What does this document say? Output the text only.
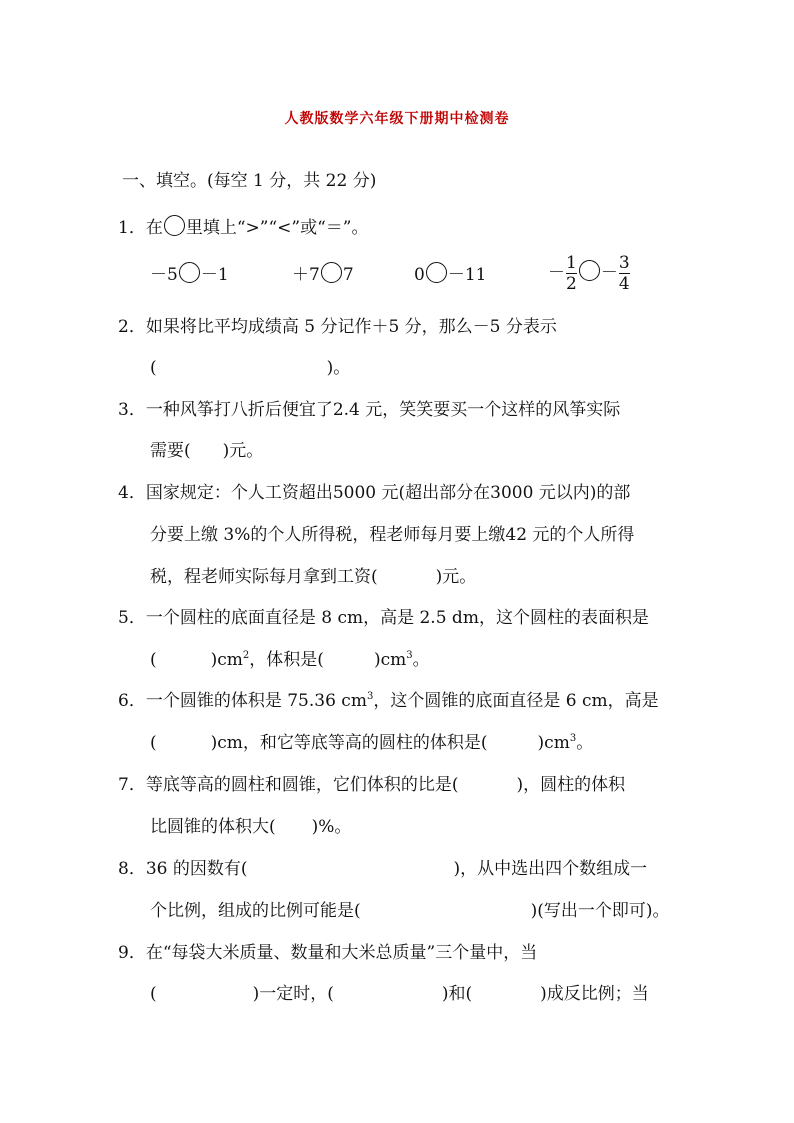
人教版数学六年级下册期中检测卷
一、填空。(每空 1 分，共 22 分)
1．在 里填上“>”“<”或“＝”。
－5 －1	＋7 7	0 －11	－ $\frac{1}{2} - \frac{3}{4}$
2．如果将比平均成绩高 5 分记作＋5 分，那么－5 分表示
(	)。
3．一种风筝打八折后便宜了2.4 元，笑笑要买一个这样的风筝实际
需要( )元。
4．国家规定：个人工资超出5000 元(超出部分在3000 元以内)的部
分要上缴 3%的个人所得税，程老师每月要上缴42 元的个人所得
税，程老师实际每月拿到工资(	)元。
5．一个圆柱的底面直径是 8 cm，高是 2.5 dm，这个圆柱的表面积是
(	)$cm^2$，体积是(	)$cm^3$。
6．一个圆锥的体积是 75.36 $cm^3$，这个圆锥的底面直径是 6 cm，高是
(	)cm，和它等底等高的圆柱的体积是(	)$cm^3$。
7．等底等高的圆柱和圆锥，它们体积的比是(	)，圆柱的体积
比圆锥的体积大( )%。
8．36 的因数有(	)，从中选出四个数组成一
个比例，组成的比例可能是(	)(写出一个即可)。
9．在“每袋大米质量、数量和大米总质量”三个量中，当
(	)一定时，(	)和(	)成反比例；当
